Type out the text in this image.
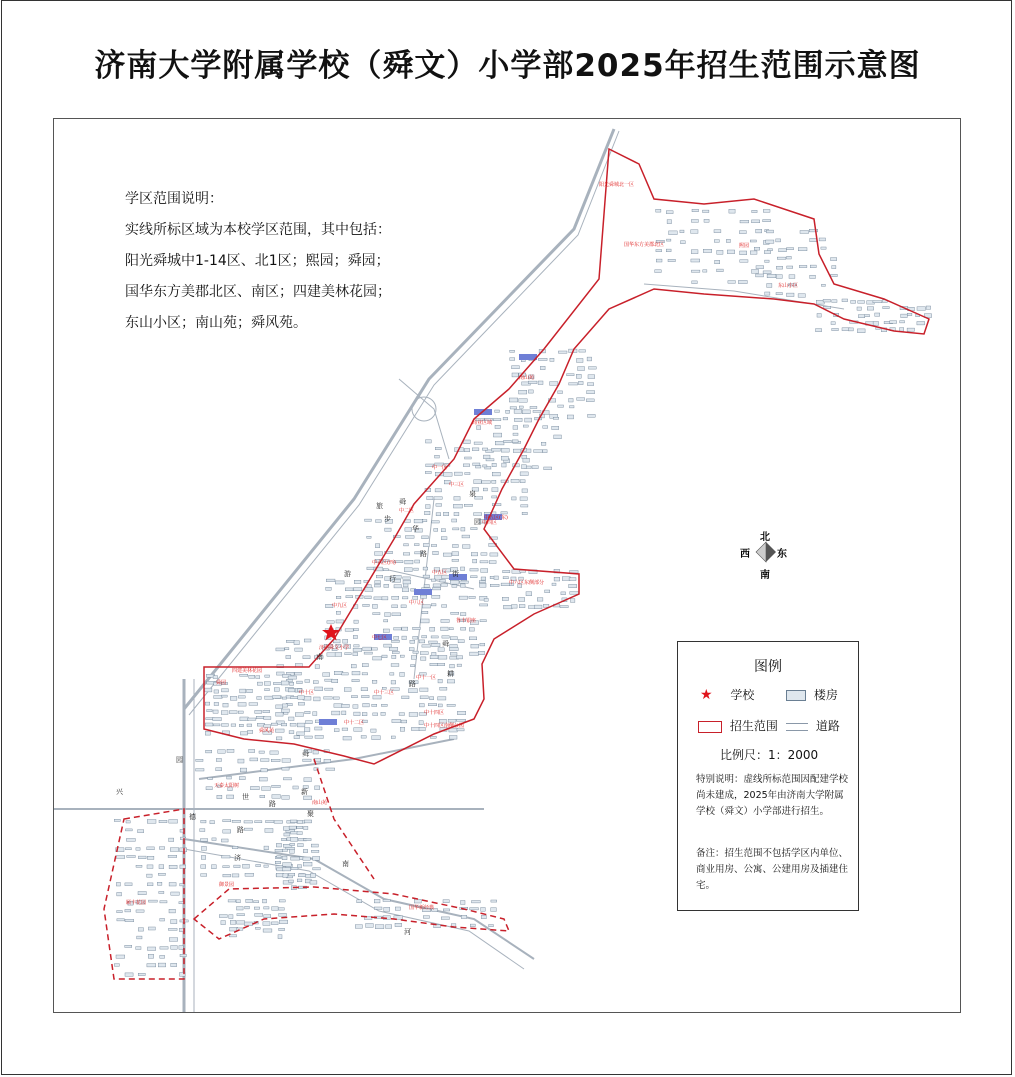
济南大学附属学校（舜文）小学部2025年招生范围示意图
济南舜文小学
阳光舜城北一区
国华东方美郡北区	熙园
东山小区
南山苑
商业区域
中一区
中二区
中三区
中四区
中五区
中六区(西)
中七区
中八区
中九区
中十区
中十一区
中十二区
中十三区
中十四区
中五区(东)
中六区东侧部分
鲁丰银座
舜园
四建美林花园
舜风苑
天泰太阳树
御景园
颐丰花园
南山苑
国华新经典
中十四区南侧公园
舜
华
路
泉
园
步
行
街
旅
游
南
舜
耕
路
舜
世
路
兴
德
路
济
南
河
园
新
聚
学区范围说明：
实线所标区域为本校学区范围，其中包括：
阳光舜城中1-14区、北1区；熙园；舜园；
国华东方美郡北区、南区；四建美林花园；
东山小区；南山苑；舜风苑。
北
南
东
西
图例
★ 学校	楼房
招生范围	道路
比例尺：1：2000
特别说明：虚线所标范围因配建学校尚未建成，2025年由济南大学附属学校（舜文）小学部进行招生。
备注：招生范围不包括学区内单位、商业用房、公寓、公建用房及插建住宅。
